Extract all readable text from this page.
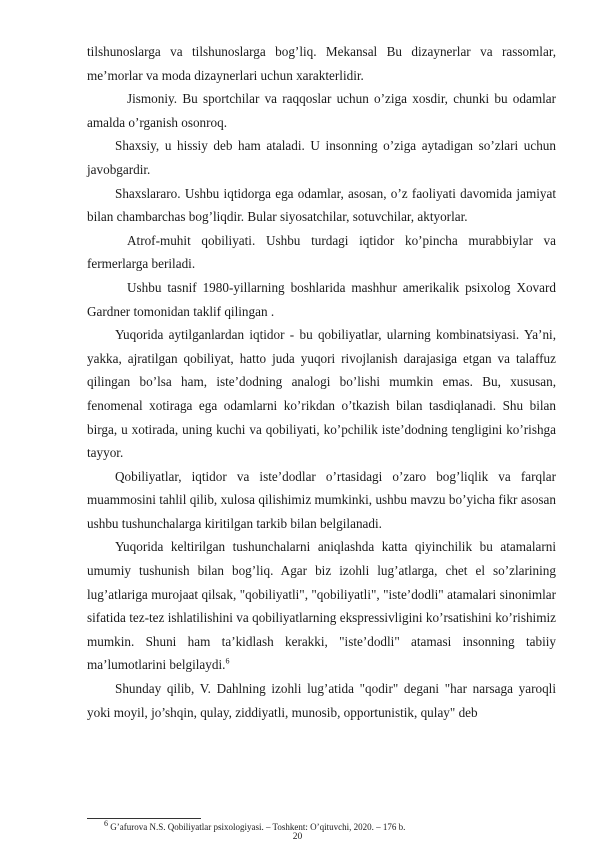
tilshunoslarga va tilshunoslarga bog’liq. Mekansal Bu dizaynerlar va rassomlar, me’morlar va moda dizaynerlari uchun xarakterlidir.

Jismoniy. Bu sportchilar va raqqoslar uchun o’ziga xosdir, chunki bu odamlar amalda o’rganish osonroq.

Shaxsiy, u hissiy deb ham ataladi. U insonning o’ziga aytadigan so’zlari uchun javobgardir.

Shaxslararo. Ushbu iqtidorga ega odamlar, asosan, o’z faoliyati davomida jamiyat bilan chambarchas bog’liqdir. Bular siyosatchilar, sotuvchilar, aktyorlar.

Atrof-muhit qobiliyati. Ushbu turdagi iqtidor ko’pincha murabbiylar va fermerlarga beriladi.

Ushbu tasnif 1980-yillarning boshlarida mashhur amerikalik psixolog Xovard Gardner tomonidan taklif qilingan .

Yuqorida aytilganlardan iqtidor - bu qobiliyatlar, ularning kombinatsiyasi. Ya’ni, yakka, ajratilgan qobiliyat, hatto juda yuqori rivojlanish darajasiga etgan va talaffuz qilingan bo’lsa ham, iste’dodning analogi bo’lishi mumkin emas. Bu, xususan, fenomenal xotiraga ega odamlarni ko’rikdan o’tkazish bilan tasdiqlanadi. Shu bilan birga, u xotirada, uning kuchi va qobiliyati, ko’pchilik iste’dodning tengligini ko’rishga tayyor.

Qobiliyatlar, iqtidor va iste’dodlar o’rtasidagi o’zaro bog’liqlik va farqlar muammosini tahlil qilib, xulosa qilishimiz mumkinki, ushbu mavzu bo’yicha fikr asosan ushbu tushunchalarga kiritilgan tarkib bilan belgilanadi.

Yuqorida keltirilgan tushunchalarni aniqlashda katta qiyinchilik bu atamalarni umumiy tushunish bilan bog’liq. Agar biz izohli lug’atlarga, chet el so’zlarining lug’atlariga murojaat qilsak, "qobiliyatli", "qobiliyatli", "iste’dodli" atamalari sinonimlar sifatida tez-tez ishlatilishini va qobiliyatlarning ekspressivligini ko’rsatishini ko’rishimiz mumkin. Shuni ham ta’kidlash kerakki, "iste’dodli" atamasi insonning tabiiy ma’lumotlarini belgilaydi.$^6$

Shunday qilib, V. Dahlning izohli lug’atida "qodir" degani "har narsaga yaroqli yoki moyil, jo’shqin, qulay, ziddiyatli, munosib, opportunistik, qulay" deb

$^6$ G’afurova N.S. Qobiliyatlar psixologiyasi. – Toshkent: O’qituvchi, 2020. – 176 b.
20
